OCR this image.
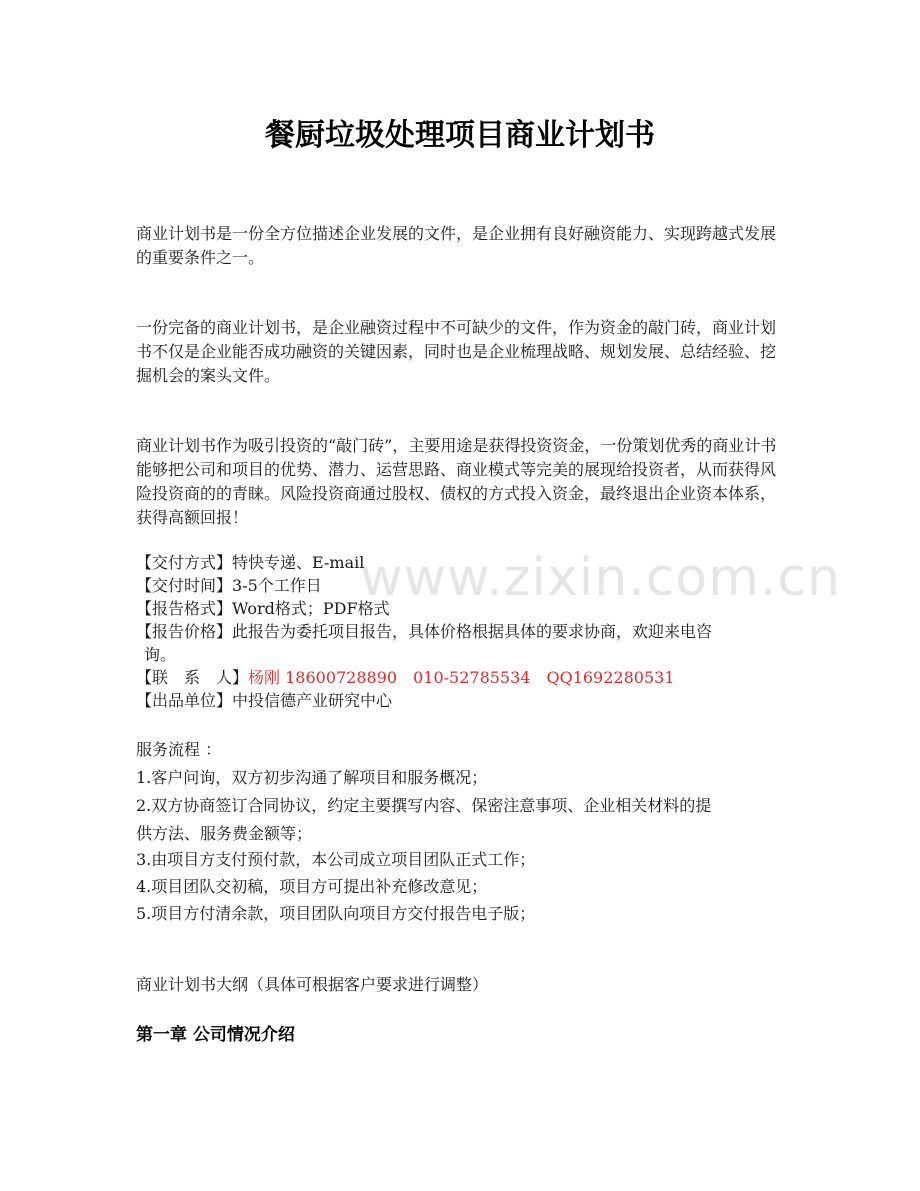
餐厨垃圾处理项目商业计划书

商业计划书是一份全方位描述企业发展的文件，是企业拥有良好融资能力、实现跨越式发展的重要条件之一。

一份完备的商业计划书，是企业融资过程中不可缺少的文件，作为资金的敲门砖，商业计划书不仅是企业能否成功融资的关键因素，同时也是企业梳理战略、规划发展、总结经验、挖掘机会的案头文件。

商业计划书作为吸引投资的“敲门砖”，主要用途是获得投资资金，一份策划优秀的商业计书能够把公司和项目的优势、潜力、运营思路、商业模式等完美的展现给投资者，从而获得风险投资商的的青睐。风险投资商通过股权、债权的方式投入资金，最终退出企业资本体系，获得高额回报！

www.zixin.com.cn
【交付方式】特快专递、E-mail
【交付时间】3-5个工作日
【报告格式】Word格式；PDF格式
【报告价格】此报告为委托项目报告，具体价格根据具体的要求协商，欢迎来电咨
询。
【联　系　人】杨刚 18600728890　010-52785534　QQ1692280531
【出品单位】中投信德产业研究中心
服务流程 ：
1.客户问询，双方初步沟通了解项目和服务概况；
2.双方协商签订合同协议，约定主要撰写内容、保密注意事项、企业相关材料的提
供方法、服务费金额等；
3.由项目方支付预付款，本公司成立项目团队正式工作；
4.项目团队交初稿，项目方可提出补充修改意见；
5.项目方付清余款，项目团队向项目方交付报告电子版；
商业计划书大纲（具体可根据客户要求进行调整）
第一章 公司情况介绍
